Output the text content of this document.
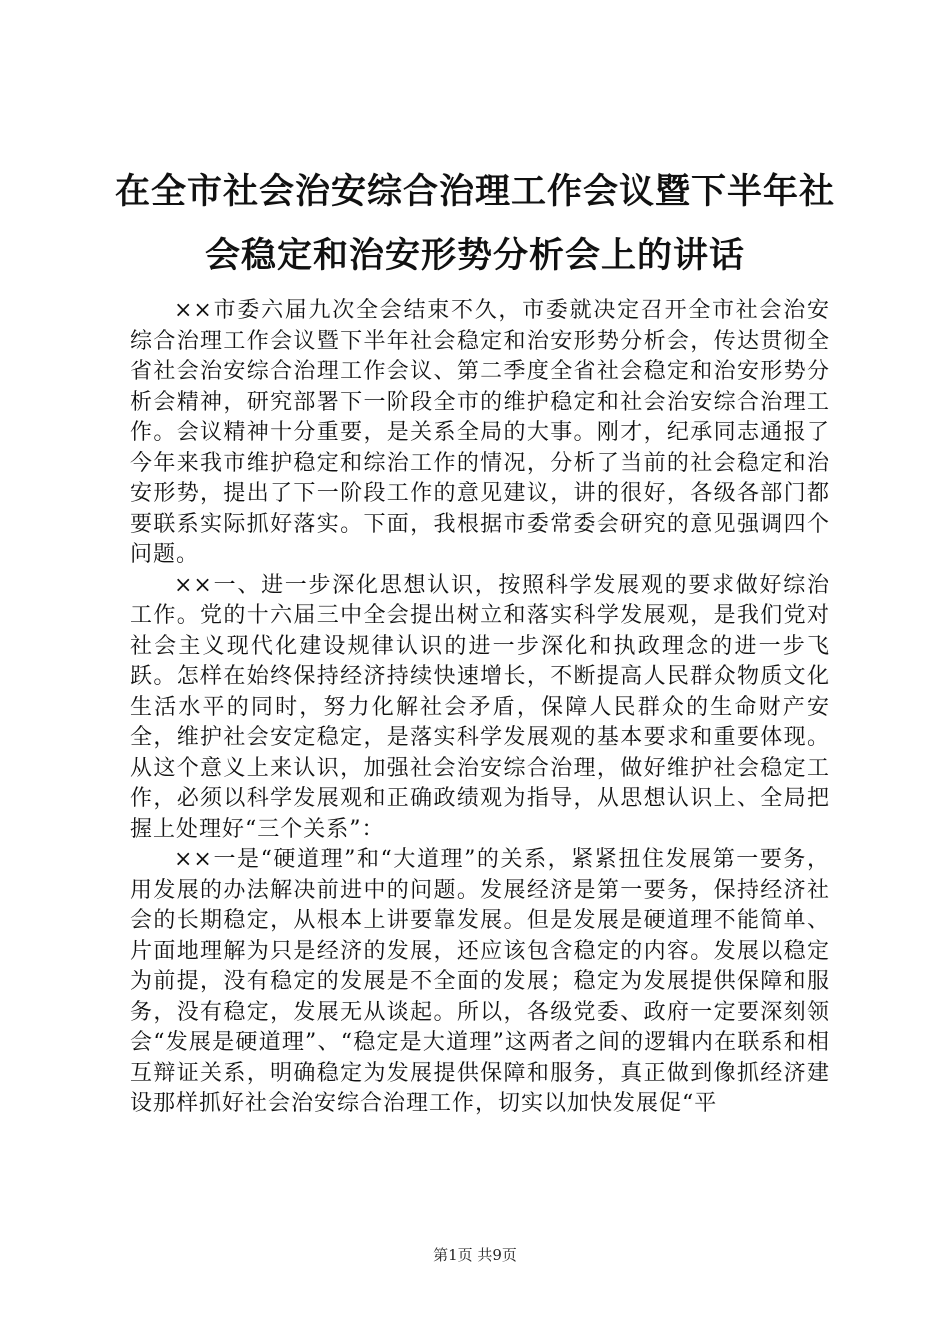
在全市社会治安综合治理工作会议暨下半年社
会稳定和治安形势分析会上的讲话

××市委六届九次全会结束不久，市委就决定召开全市社会治安综合治理工作会议暨下半年社会稳定和治安形势分析会，传达贯彻全省社会治安综合治理工作会议、第二季度全省社会稳定和治安形势分析会精神，研究部署下一阶段全市的维护稳定和社会治安综合治理工作。会议精神十分重要，是关系全局的大事。刚才，纪承同志通报了今年来我市维护稳定和综治工作的情况，分析了当前的社会稳定和治安形势，提出了下一阶段工作的意见建议，讲的很好，各级各部门都要联系实际抓好落实。下面，我根据市委常委会研究的意见强调四个问题。

××一、进一步深化思想认识，按照科学发展观的要求做好综治工作。党的十六届三中全会提出树立和落实科学发展观，是我们党对社会主义现代化建设规律认识的进一步深化和执政理念的进一步飞跃。怎样在始终保持经济持续快速增长，不断提高人民群众物质文化生活水平的同时，努力化解社会矛盾，保障人民群众的生命财产安全，维护社会安定稳定，是落实科学发展观的基本要求和重要体现。从这个意义上来认识，加强社会治安综合治理，做好维护社会稳定工作，必须以科学发展观和正确政绩观为指导，从思想认识上、全局把握上处理好“三个关系”：

××一是“硬道理”和“大道理”的关系，紧紧扭住发展第一要务，用发展的办法解决前进中的问题。发展经济是第一要务，保持经济社会的长期稳定，从根本上讲要靠发展。但是发展是硬道理不能简单、片面地理解为只是经济的发展，还应该包含稳定的内容。发展以稳定为前提，没有稳定的发展是不全面的发展；稳定为发展提供保障和服务，没有稳定，发展无从谈起。所以，各级党委、政府一定要深刻领会“发展是硬道理”、“稳定是大道理”这两者之间的逻辑内在联系和相互辩证关系，明确稳定为发展提供保障和服务，真正做到像抓经济建设那样抓好社会治安综合治理工作，切实以加快发展促“平

第1页 共9页
